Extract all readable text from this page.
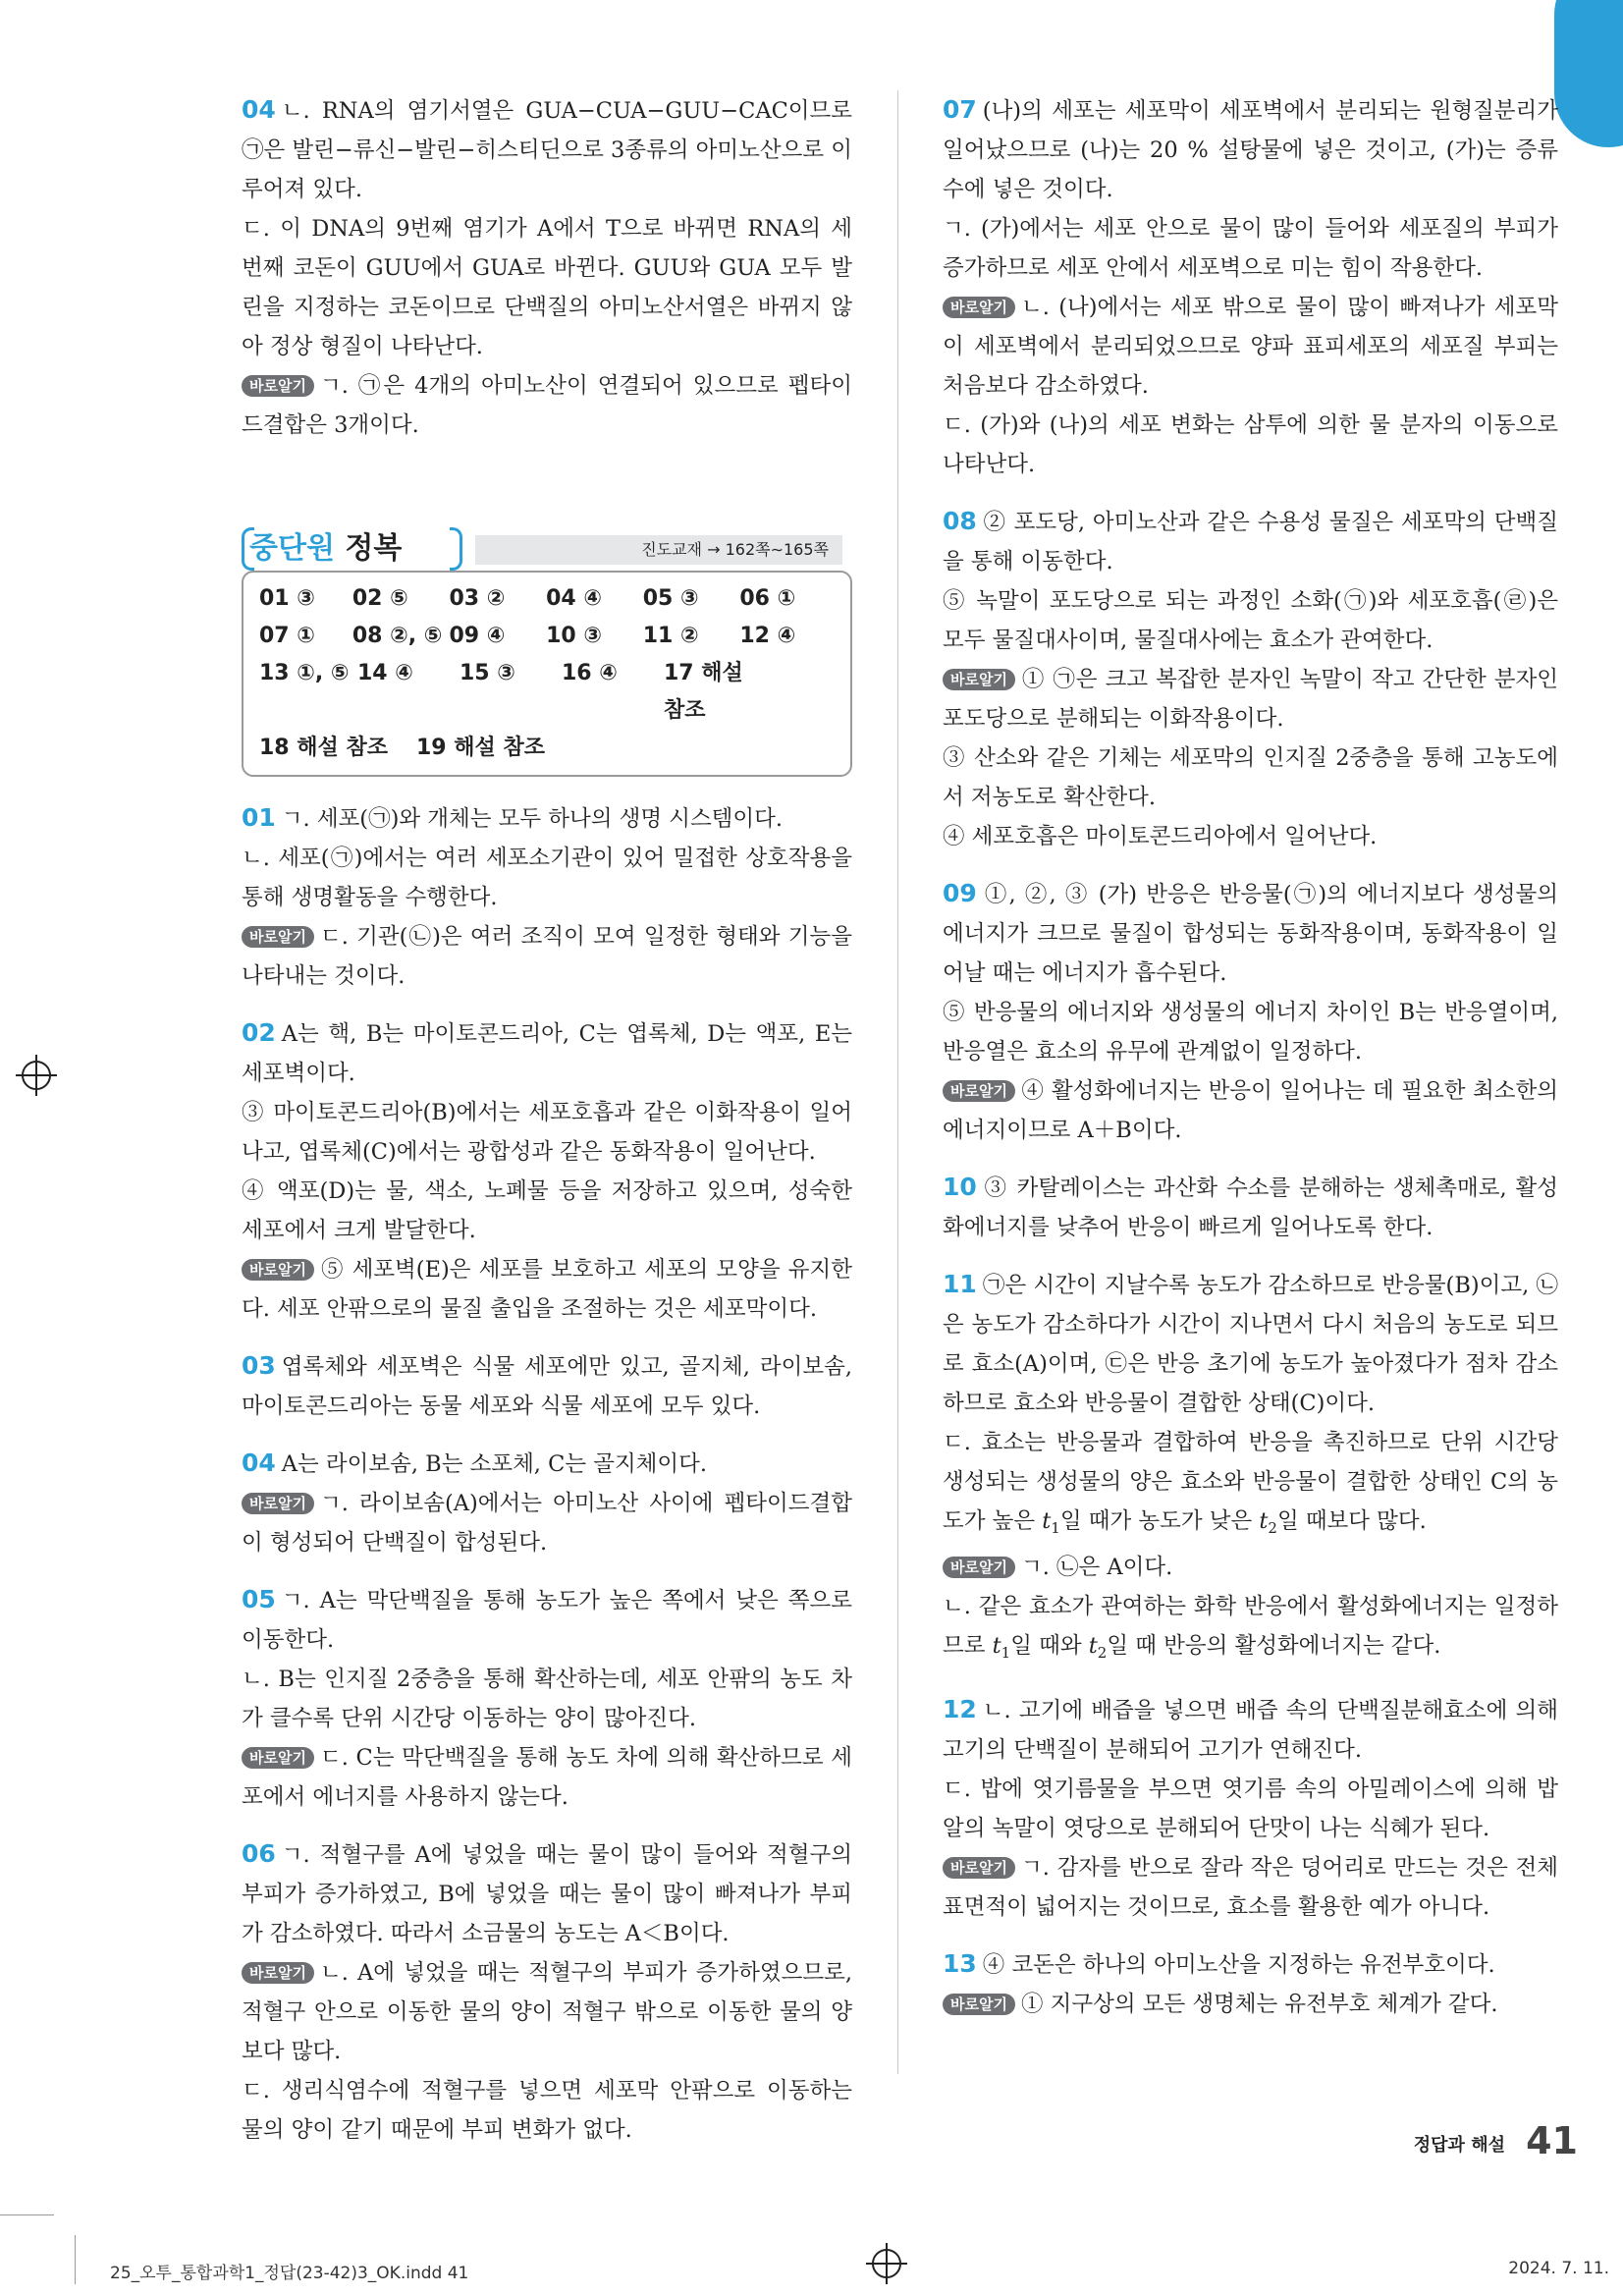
04 ㄴ. RNA의 염기서열은 GUA−CUA−GUU−CAC이므로 ㉠은 발린−류신−발린−히스티딘으로 3종류의 아미노산으로 이루어져 있다.

ㄷ. 이 DNA의 9번째 염기가 A에서 T으로 바뀌면 RNA의 세 번째 코돈이 GUU에서 GUA로 바뀐다. GUU와 GUA 모두 발린을 지정하는 코돈이므로 단백질의 아미노산서열은 바뀌지 않아 정상 형질이 나타난다.

바로알기 ㄱ. ㉠은 4개의 아미노산이 연결되어 있으므로 펩타이드결합은 3개이다.

중단원 정복	진도교재 → 162쪽∼165쪽
01 ③	02 ⑤	03 ②	04 ④	05 ③	06 ①
07 ①	08 ②, ⑤ 09 ④	10 ③	11 ②	12 ④
13 ①, ⑤ 14 ④	15 ③	16 ④	17 해설 참조
18 해설 참조	19 해설 참조

01 ㄱ. 세포(㉠)와 개체는 모두 하나의 생명 시스템이다.

ㄴ. 세포(㉠)에서는 여러 세포소기관이 있어 밀접한 상호작용을 통해 생명활동을 수행한다.

바로알기 ㄷ. 기관(㉡)은 여러 조직이 모여 일정한 형태와 기능을 나타내는 것이다.

02 A는 핵, B는 마이토콘드리아, C는 엽록체, D는 액포, E는 세포벽이다.

③ 마이토콘드리아(B)에서는 세포호흡과 같은 이화작용이 일어나고, 엽록체(C)에서는 광합성과 같은 동화작용이 일어난다.

④ 액포(D)는 물, 색소, 노폐물 등을 저장하고 있으며, 성숙한 세포에서 크게 발달한다.

바로알기 ⑤ 세포벽(E)은 세포를 보호하고 세포의 모양을 유지한다. 세포 안팎으로의 물질 출입을 조절하는 것은 세포막이다.

03 엽록체와 세포벽은 식물 세포에만 있고, 골지체, 라이보솜, 마이토콘드리아는 동물 세포와 식물 세포에 모두 있다.

04 A는 라이보솜, B는 소포체, C는 골지체이다.

바로알기 ㄱ. 라이보솜(A)에서는 아미노산 사이에 펩타이드결합이 형성되어 단백질이 합성된다.

05 ㄱ. A는 막단백질을 통해 농도가 높은 쪽에서 낮은 쪽으로 이동한다.

ㄴ. B는 인지질 2중층을 통해 확산하는데, 세포 안팎의 농도 차가 클수록 단위 시간당 이동하는 양이 많아진다.

바로알기 ㄷ. C는 막단백질을 통해 농도 차에 의해 확산하므로 세포에서 에너지를 사용하지 않는다.

06 ㄱ. 적혈구를 A에 넣었을 때는 물이 많이 들어와 적혈구의 부피가 증가하였고, B에 넣었을 때는 물이 많이 빠져나가 부피가 감소하였다. 따라서 소금물의 농도는 A＜B이다.

바로알기 ㄴ. A에 넣었을 때는 적혈구의 부피가 증가하였으므로, 적혈구 안으로 이동한 물의 양이 적혈구 밖으로 이동한 물의 양보다 많다.

ㄷ. 생리식염수에 적혈구를 넣으면 세포막 안팎으로 이동하는 물의 양이 같기 때문에 부피 변화가 없다.

07 (나)의 세포는 세포막이 세포벽에서 분리되는 원형질분리가 일어났으므로 (나)는 20 % 설탕물에 넣은 것이고, (가)는 증류수에 넣은 것이다.

ㄱ. (가)에서는 세포 안으로 물이 많이 들어와 세포질의 부피가 증가하므로 세포 안에서 세포벽으로 미는 힘이 작용한다.

바로알기 ㄴ. (나)에서는 세포 밖으로 물이 많이 빠져나가 세포막이 세포벽에서 분리되었으므로 양파 표피세포의 세포질 부피는 처음보다 감소하였다.

ㄷ. (가)와 (나)의 세포 변화는 삼투에 의한 물 분자의 이동으로 나타난다.

08 ② 포도당, 아미노산과 같은 수용성 물질은 세포막의 단백질을 통해 이동한다.

⑤ 녹말이 포도당으로 되는 과정인 소화(㉠)와 세포호흡(㉣)은 모두 물질대사이며, 물질대사에는 효소가 관여한다.

바로알기 ① ㉠은 크고 복잡한 분자인 녹말이 작고 간단한 분자인 포도당으로 분해되는 이화작용이다.

③ 산소와 같은 기체는 세포막의 인지질 2중층을 통해 고농도에서 저농도로 확산한다.

④ 세포호흡은 마이토콘드리아에서 일어난다.

09 ①, ②, ③ (가) 반응은 반응물(㉠)의 에너지보다 생성물의 에너지가 크므로 물질이 합성되는 동화작용이며, 동화작용이 일어날 때는 에너지가 흡수된다.

⑤ 반응물의 에너지와 생성물의 에너지 차이인 B는 반응열이며, 반응열은 효소의 유무에 관계없이 일정하다.

바로알기 ④ 활성화에너지는 반응이 일어나는 데 필요한 최소한의 에너지이므로 A＋B이다.

10 ③ 카탈레이스는 과산화 수소를 분해하는 생체촉매로, 활성화에너지를 낮추어 반응이 빠르게 일어나도록 한다.

11 ㉠은 시간이 지날수록 농도가 감소하므로 반응물(B)이고, ㉡은 농도가 감소하다가 시간이 지나면서 다시 처음의 농도로 되므로 효소(A)이며, ㉢은 반응 초기에 농도가 높아졌다가 점차 감소하므로 효소와 반응물이 결합한 상태(C)이다.

ㄷ. 효소는 반응물과 결합하여 반응을 촉진하므로 단위 시간당 생성되는 생성물의 양은 효소와 반응물이 결합한 상태인 C의 농도가 높은 $t_1$일 때가 농도가 낮은 $t_2$일 때보다 많다.

바로알기 ㄱ. ㉡은 A이다.

ㄴ. 같은 효소가 관여하는 화학 반응에서 활성화에너지는 일정하므로 $t_1$일 때와 $t_2$일 때 반응의 활성화에너지는 같다.

12 ㄴ. 고기에 배즙을 넣으면 배즙 속의 단백질분해효소에 의해 고기의 단백질이 분해되어 고기가 연해진다.

ㄷ. 밥에 엿기름물을 부으면 엿기름 속의 아밀레이스에 의해 밥알의 녹말이 엿당으로 분해되어 단맛이 나는 식혜가 된다.

바로알기 ㄱ. 감자를 반으로 잘라 작은 덩어리로 만드는 것은 전체 표면적이 넓어지는 것이므로, 효소를 활용한 예가 아니다.

13 ④ 코돈은 하나의 아미노산을 지정하는 유전부호이다.

바로알기 ① 지구상의 모든 생명체는 유전부호 체계가 같다.

정답과 해설 41
25_오투_통합과학1_정답(23-42)3_OK.indd 41	2024. 7. 11.
